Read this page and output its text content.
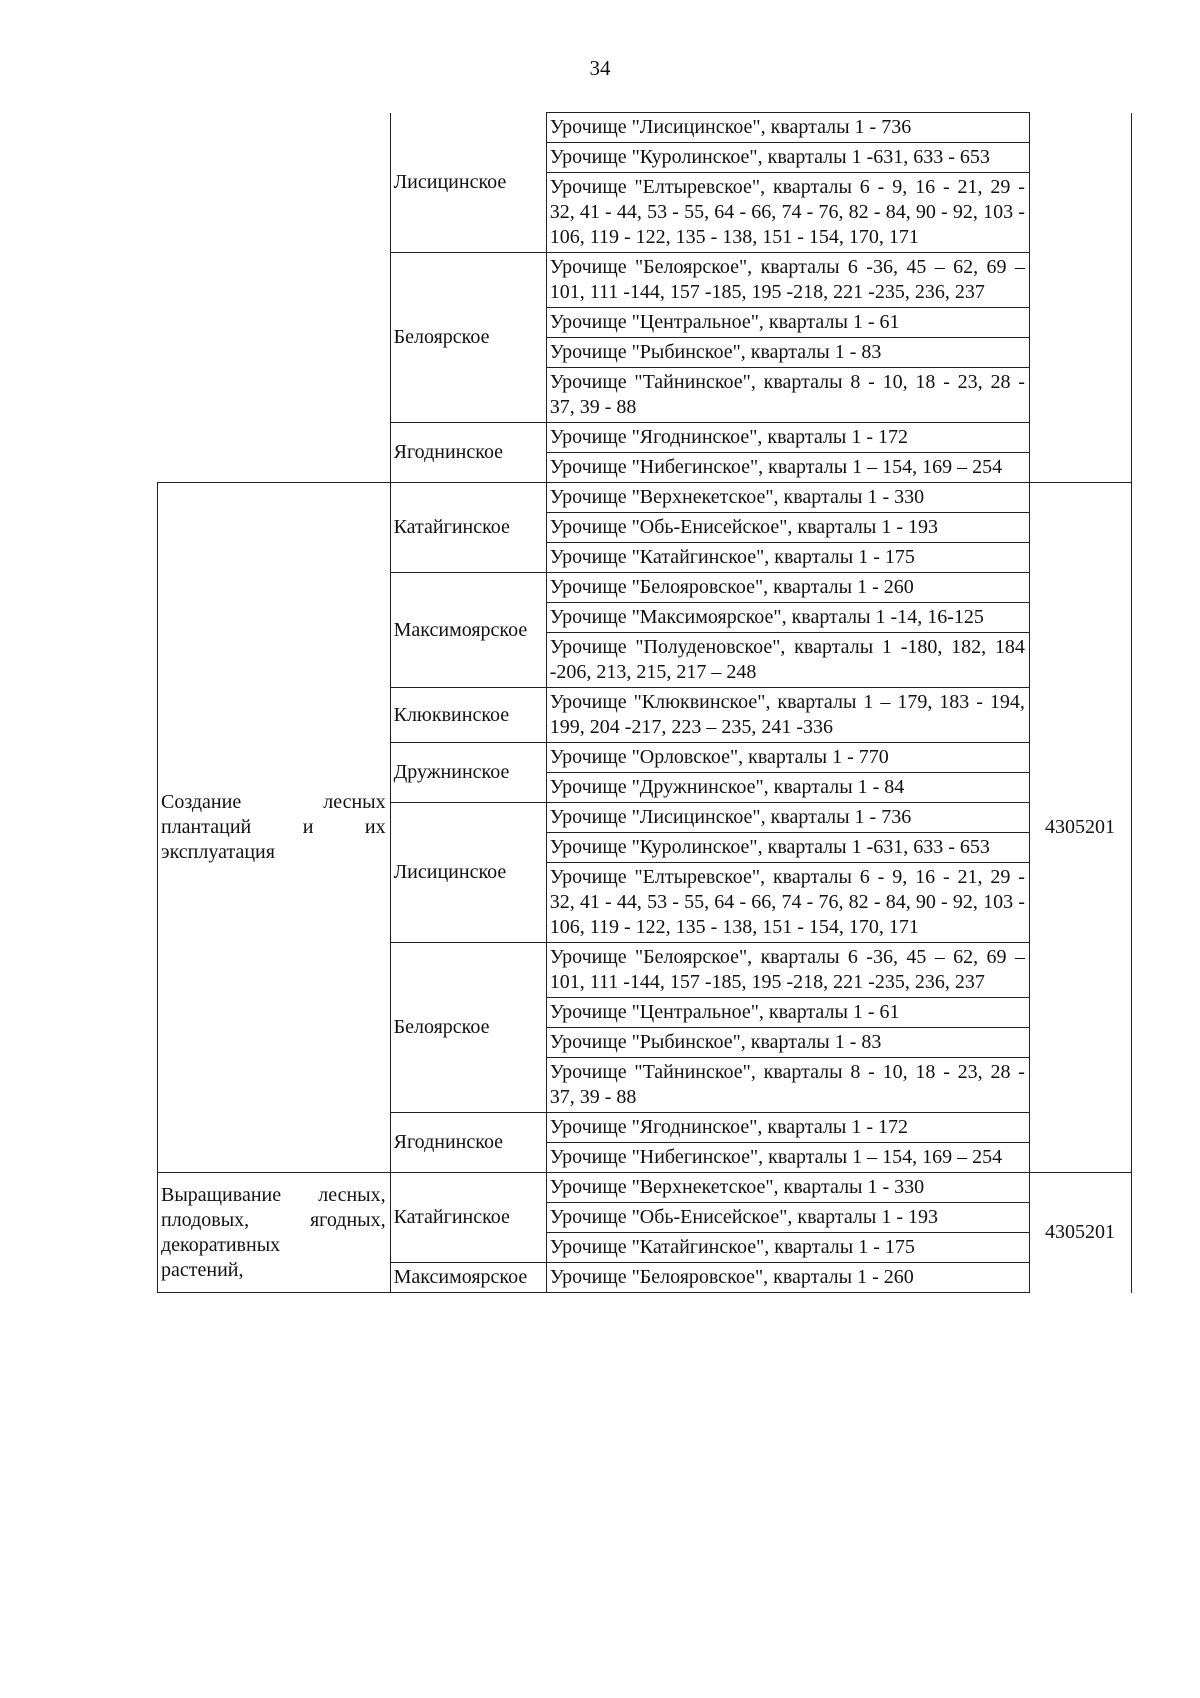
34
	Лисицинское	Урочище "Лисицинское", кварталы 1 - 736	
		Урочище "Куролинское", кварталы 1 -631, 633 - 653	
		Урочище "Елтыревское", кварталы 6 - 9, 16 - 21, 29 - 32, 41 - 44, 53 - 55, 64 - 66, 74 - 76, 82 - 84, 90 - 92, 103 - 106, 119 - 122, 135 - 138, 151 - 154, 170, 171	
	Белоярское	Урочище "Белоярское", кварталы 6 -36, 45 – 62, 69 – 101, 111 -144, 157 -185, 195 -218, 221 -235, 236, 237	
		Урочище "Центральное", кварталы 1 - 61	
		Урочище "Рыбинское", кварталы 1 - 83	
		Урочище "Тайнинское", кварталы 8 - 10, 18 - 23, 28 - 37, 39 - 88	
	Ягоднинское	Урочище "Ягоднинское", кварталы 1 - 172	
		Урочище "Нибегинское", кварталы 1 – 154, 169 – 254	

Создание лесных
плантаций и их
эксплуатация	Катайгинское	Урочище "Верхнекетское", кварталы 1 - 330	4305201
		Урочище "Обь-Енисейское", кварталы 1 - 193	
		Урочище "Катайгинское", кварталы 1 - 175	
	Максимоярское	Урочище "Белояровское", кварталы 1 - 260	
		Урочище "Максимоярское", кварталы 1 -14, 16-125	
		Урочище "Полуденовское", кварталы 1 -180, 182, 184 -206, 213, 215, 217 – 248	
	Клюквинское	Урочище "Клюквинское", кварталы 1 – 179, 183 - 194, 199, 204 -217, 223 – 235, 241 -336	
	Дружнинское	Урочище "Орловское", кварталы 1 - 770	
		Урочище "Дружнинское", кварталы 1 - 84	
	Лисицинское	Урочище "Лисицинское", кварталы 1 - 736	
		Урочище "Куролинское", кварталы 1 -631, 633 - 653	
		Урочище "Елтыревское", кварталы 6 - 9, 16 - 21, 29 - 32, 41 - 44, 53 - 55, 64 - 66, 74 - 76, 82 - 84, 90 - 92, 103 - 106, 119 - 122, 135 - 138, 151 - 154, 170, 171	
	Белоярское	Урочище "Белоярское", кварталы 6 -36, 45 – 62, 69 – 101, 111 -144, 157 -185, 195 -218, 221 -235, 236, 237	
		Урочище "Центральное", кварталы 1 - 61	
		Урочище "Рыбинское", кварталы 1 - 83	
		Урочище "Тайнинское", кварталы 8 - 10, 18 - 23, 28 - 37, 39 - 88	
	Ягоднинское	Урочище "Ягоднинское", кварталы 1 - 172	
		Урочище "Нибегинское", кварталы 1 – 154, 169 – 254	

Выращивание лесных,
плодовых, ягодных,
декоративных
растений,	Катайгинское	Урочище "Верхнекетское", кварталы 1 - 330	4305201
		Урочище "Обь-Енисейское", кварталы 1 - 193	
		Урочище "Катайгинское", кварталы 1 - 175	
	Максимоярское	Урочище "Белояровское", кварталы 1 - 260	
